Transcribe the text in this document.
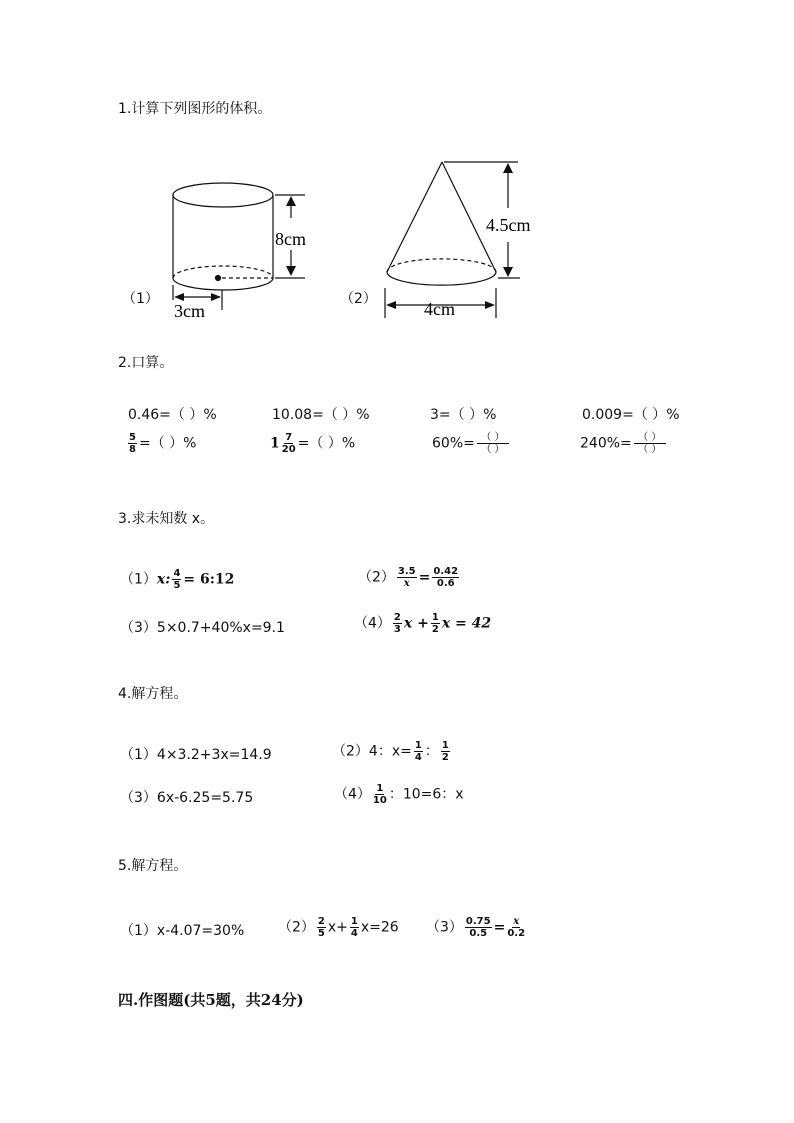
1.计算下列图形的体积。
8cm
3cm
4.5cm
4cm
（1）	（2）
2.口算。
0.46=（ ）%	10.08=（ ）%	3=（ ）%	0.009=（ ）%
$\frac{5}{8}$ =（ ）%	$1 \frac{7}{20}$ =（ ）%	$60\%= \frac{( )}{( )}$	$240\%= \frac{( )}{( )}$
3.求未知数 x。
（1）x: $\frac{4}{5}$ = 6:12	$(2) \frac{3.5}{x} = \frac{0.42}{0.6}$
（3）5×0.7+40%x=9.1	$(4) \frac{2}{3}$ $x + \frac{1}{2}$ x = 42
4.解方程。
（1）4×3.2+3x=14.9	（2）4：$x= \frac{1}{4}$ ： $\frac{1}{2}$
（3）6x-6.25=5.75	$(4) \frac{1}{10}$ ：10=6：x
5.解方程。
（1）x-4.07=30% $(2) \frac{2}{5} x+ \frac{1}{4} x=26$ $(3) \frac{0.75}{0.5} = \frac{x}{0.2}$
四.作图题(共5题，共24分)
